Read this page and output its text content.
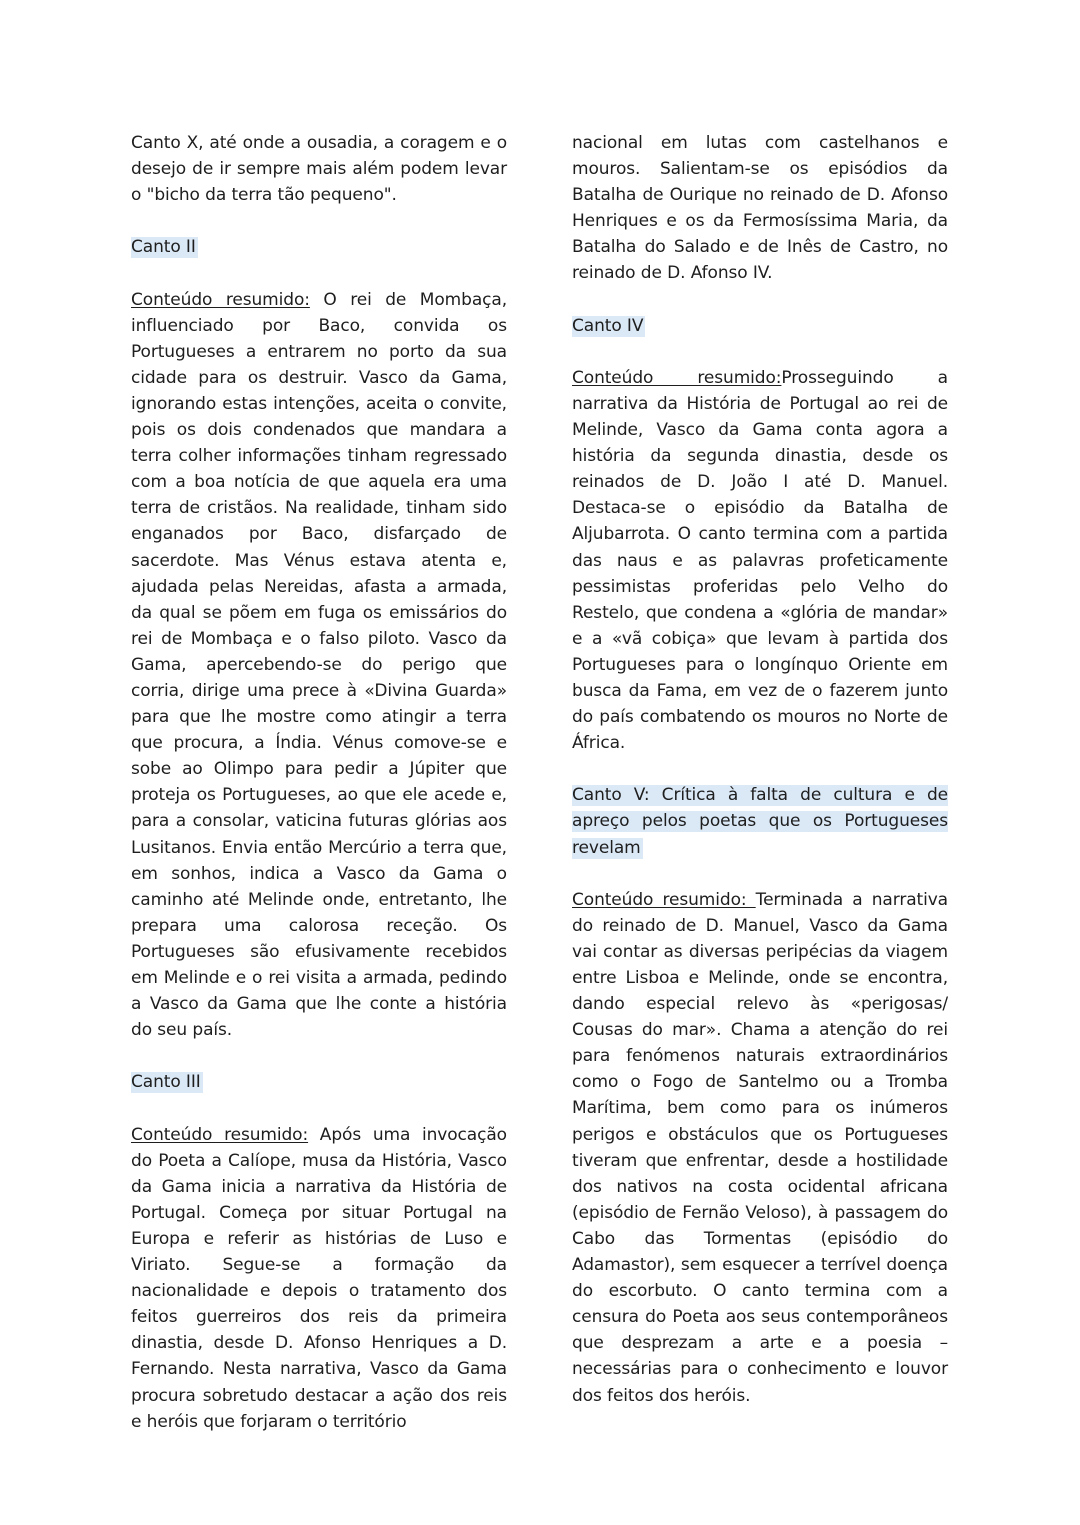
Canto X, até onde a ousadia, a coragem e o desejo de ir sempre mais além podem levar o "bicho da terra tão pequeno".

Canto II

Conteúdo resumido: O rei de Mombaça, influenciado por Baco, convida os Portugueses a entrarem no porto da sua cidade para os destruir. Vasco da Gama, ignorando estas intenções, aceita o convite, pois os dois condenados que mandara a terra colher informações tinham regressado com a boa notícia de que aquela era uma terra de cristãos. Na realidade, tinham sido enganados por Baco, disfarçado de sacerdote. Mas Vénus estava atenta e, ajudada pelas Nereidas, afasta a armada, da qual se põem em fuga os emissários do rei de Mombaça e o falso piloto. Vasco da Gama, apercebendo-se do perigo que corria, dirige uma prece à «Divina Guarda» para que lhe mostre como atingir a terra que procura, a Índia. Vénus comove-se e sobe ao Olimpo para pedir a Júpiter que proteja os Portugueses, ao que ele acede e, para a consolar, vaticina futuras glórias aos Lusitanos. Envia então Mercúrio a terra que, em sonhos, indica a Vasco da Gama o caminho até Melinde onde, entretanto, lhe prepara uma calorosa receção. Os Portugueses são efusivamente recebidos em Melinde e o rei visita a armada, pedindo a Vasco da Gama que lhe conte a história do seu país.

Canto III

Conteúdo resumido: Após uma invocação do Poeta a Calíope, musa da História, Vasco da Gama inicia a narrativa da História de Portugal. Começa por situar Portugal na Europa e referir as histórias de Luso e Viriato. Segue-se a formação da nacionalidade e depois o tratamento dos feitos guerreiros dos reis da primeira dinastia, desde D. Afonso Henriques a D. Fernando. Nesta narrativa, Vasco da Gama procura sobretudo destacar a ação dos reis e heróis que forjaram o território

nacional em lutas com castelhanos e mouros. Salientam-se os episódios da Batalha de Ourique no reinado de D. Afonso Henriques e os da Fermosíssima Maria, da Batalha do Salado e de Inês de Castro, no reinado de D. Afonso IV.

Canto IV

Conteúdo resumido:Prosseguindo a narrativa da História de Portugal ao rei de Melinde, Vasco da Gama conta agora a história da segunda dinastia, desde os reinados de D. João I até D. Manuel. Destaca-se o episódio da Batalha de Aljubarrota. O canto termina com a partida das naus e as palavras profeticamente pessimistas proferidas pelo Velho do Restelo, que condena a «glória de mandar» e a «vã cobiça» que levam à partida dos Portugueses para o longínquo Oriente em busca da Fama, em vez de o fazerem junto do país combatendo os mouros no Norte de África.

Canto V: Crítica à falta de cultura e de apreço pelos poetas que os Portugueses revelam

Conteúdo resumido: Terminada a narrativa do reinado de D. Manuel, Vasco da Gama vai contar as diversas peripécias da viagem entre Lisboa e Melinde, onde se encontra, dando especial relevo às «perigosas/ Cousas do mar». Chama a atenção do rei para fenómenos naturais extraordinários como o Fogo de Santelmo ou a Tromba Marítima, bem como para os inúmeros perigos e obstáculos que os Portugueses tiveram que enfrentar, desde a hostilidade dos nativos na costa ocidental africana (episódio de Fernão Veloso), à passagem do Cabo das Tormentas (episódio do Adamastor), sem esquecer a terrível doença do escorbuto. O canto termina com a censura do Poeta aos seus contemporâneos que desprezam a arte e a poesia – necessárias para o conhecimento e louvor dos feitos dos heróis.
